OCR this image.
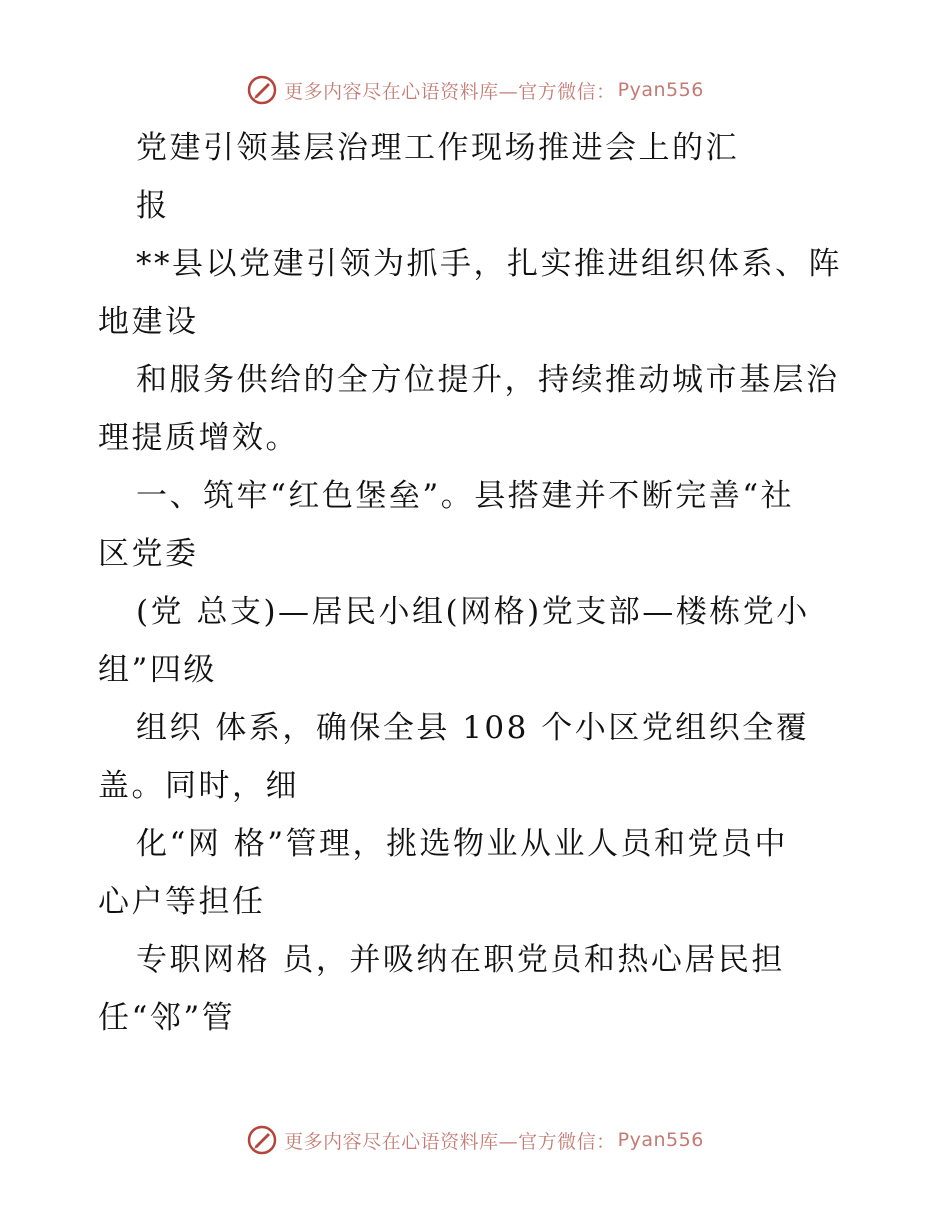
更多内容尽在心语资料库—官方微信： Pyan556
党建引领基层治理工作现场推进会上的汇
报
**县以党建引领为抓手，扎实推进组织体系、阵
地建设
和服务供给的全方位提升，持续推动城市基层治
理提质增效。
一、筑牢“红色堡垒”。县搭建并不断完善“社
区党委
(党 总支)—居民小组(网格)党支部—楼栋党小
组”四级
组织 体系，确保全县 108 个小区党组织全覆
盖。同时，细
化“网 格”管理，挑选物业从业人员和党员中
心户等担任
专职网格 员，并吸纳在职党员和热心居民担
任“邻”管
更多内容尽在心语资料库—官方微信： Pyan556
